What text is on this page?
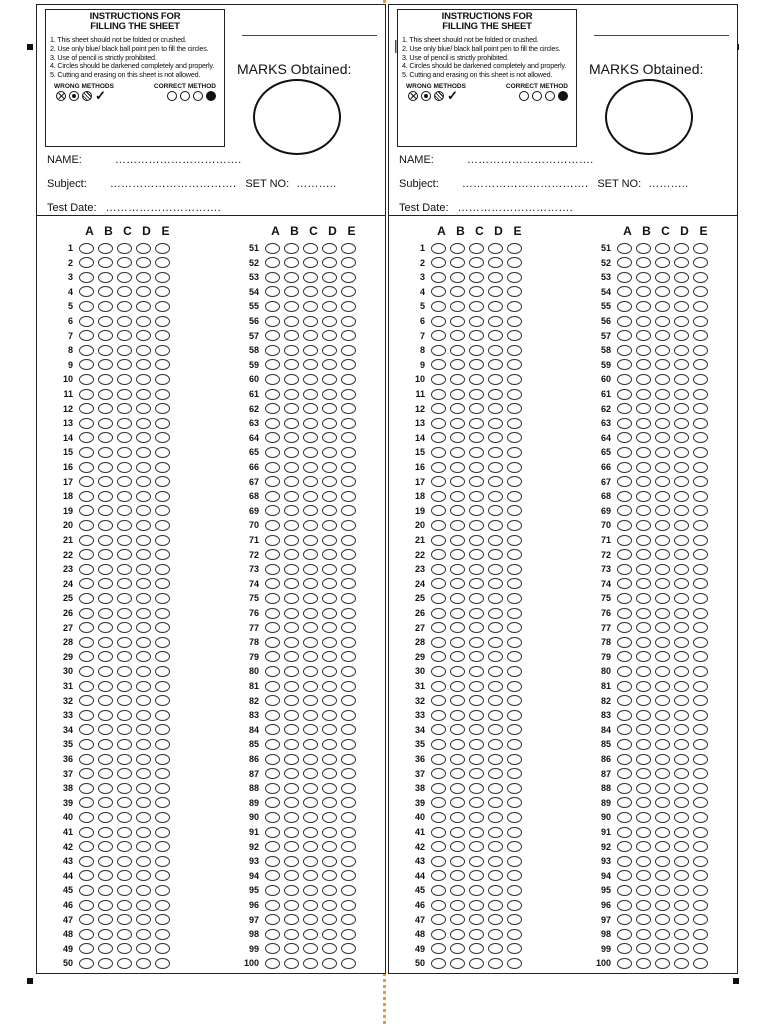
INSTRUCTIONS FOR FILLING THE SHEET
1. This sheet should not be folded or crushed.
2. Use only blue/ black ball point pen to fill the circles.
3. Use of pencil is strictly prohibited.
4. Circles should be darkened completely and properly.
5. Cutting and erasing on this sheet is not allowed.
WRONG METHODS	CORRECT METHOD
✓
MARKS Obtained:
NAME:	…………………………….
Subject: ……………………………. SET NO: ………..
Test Date: ………………………….
A B C D E	A B C D E
1
2
3
4
5
6
7
8
9
10
11
12
13
14
15
16
17
18
19
20
21
22
23
24
25
26
27
28
29
30
31
32
33
34
35
36
37
38
39
40
41
42
43
44
45
46
47
48
49
50
51
52
53
54
55
56
57
58
59
60
61
62
63
64
65
66
67
68
69
70
71
72
73
74
75
76
77
78
79
80
81
82
83
84
85
86
87
88
89
90
91
92
93
94
95
96
97
98
99
100
INSTRUCTIONS FOR FILLING THE SHEET
1. This sheet should not be folded or crushed.
2. Use only blue/ black ball point pen to fill the circles.
3. Use of pencil is strictly prohibited.
4. Circles should be darkened completely and properly.
5. Cutting and erasing on this sheet is not allowed.
WRONG METHODS	CORRECT METHOD
✓
MARKS Obtained:
NAME:	…………………………….
Subject: ……………………………. SET NO: ………..
Test Date: ………………………….
A B C D E	A B C D E
1
2
3
4
5
6
7
8
9
10
11
12
13
14
15
16
17
18
19
20
21
22
23
24
25
26
27
28
29
30
31
32
33
34
35
36
37
38
39
40
41
42
43
44
45
46
47
48
49
50
51
52
53
54
55
56
57
58
59
60
61
62
63
64
65
66
67
68
69
70
71
72
73
74
75
76
77
78
79
80
81
82
83
84
85
86
87
88
89
90
91
92
93
94
95
96
97
98
99
100
|
